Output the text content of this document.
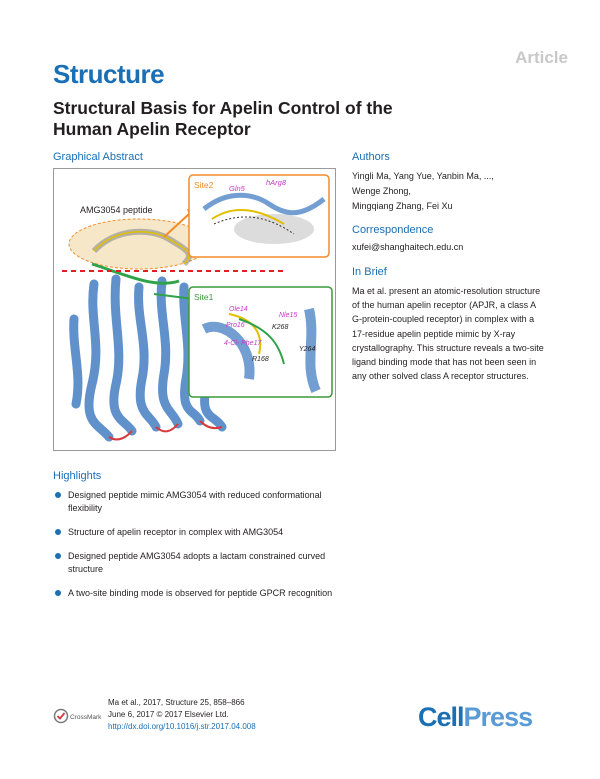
Article
Structure
Structural Basis for Apelin Control of the Human Apelin Receptor
Graphical Abstract
AMG3054 peptide
Site2 Gln5
hArg8
Site1
Ole14
Nle15
Pro16	K268
4-Cl- Phe17
Y264
R168
Authors
Yingli Ma, Yang Yue, Yanbin Ma, ...,
Wenge Zhong,
Mingqiang Zhang, Fei Xu
Correspondence
xufei@shanghaitech.edu.cn
In Brief
Ma et al. present an atomic-resolution structure of the human apelin receptor (APJR, a class A G-protein-coupled receptor) in complex with a 17-residue apelin peptide mimic by X-ray crystallography. This structure reveals a two-site ligand binding mode that has not been seen in any other solved class A receptor structures.
Highlights
Designed peptide mimic AMG3054 with reduced conformational flexibility
Structure of apelin receptor in complex with AMG3054
Designed peptide AMG3054 adopts a lactam constrained curved structure
A two-site binding mode is observed for peptide GPCR recognition
CrossMark
Ma et al., 2017, Structure 25, 858–866
June 6, 2017 © 2017 Elsevier Ltd.
http://dx.doi.org/10.1016/j.str.2017.04.008	CellPress
